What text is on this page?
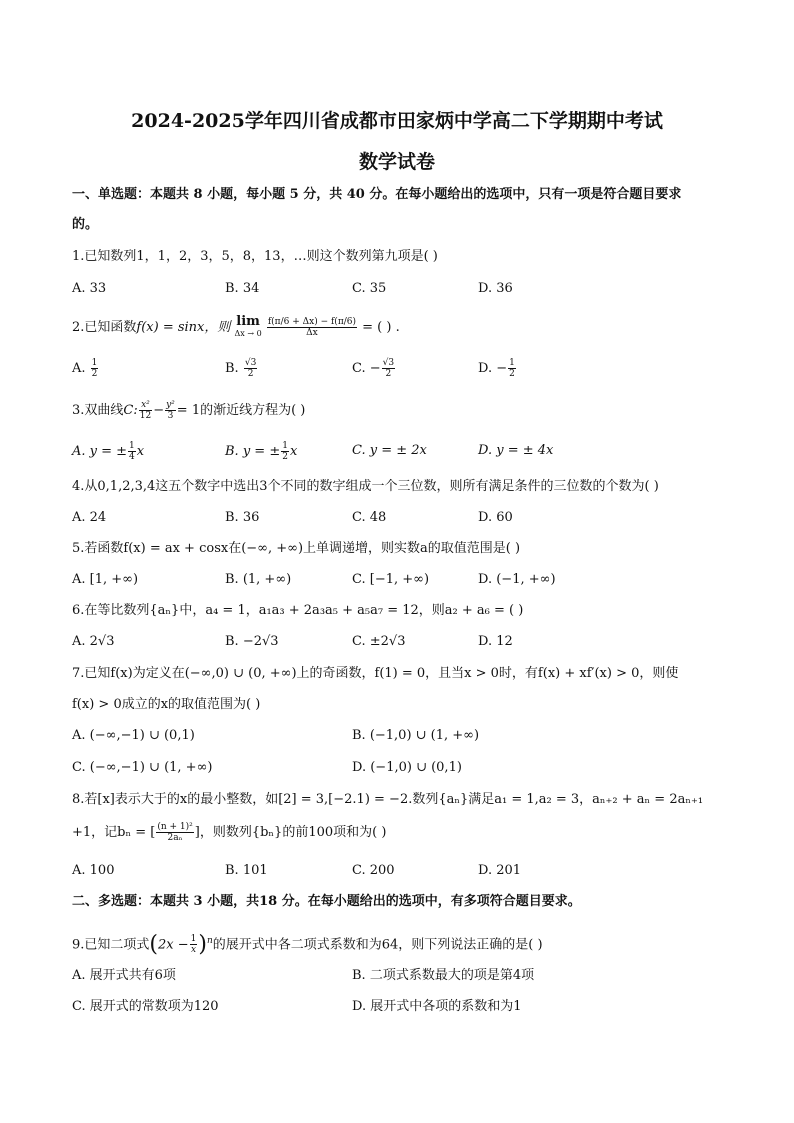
2024-2025学年四川省成都市田家炳中学高二下学期期中考试
数学试卷
一、单选题：本题共 8 小题，每小题 5 分，共 40 分。在每小题给出的选项中，只有一项是符合题目要求
的。
1.已知数列1，1，2，3，5，8，13，…则这个数列第九项是( )
A. 33	B. 34	C. 35	D. 36
2.已知函数f(x) = sinx，则 lim
Δx → 0
$\frac{f(\pi/6 + \Delta x) - f(\pi/6)}{\Delta x}$ = ( ) .
A. $\frac{1}{2}$	B. $\frac{√3}{2}$	C. − $\frac{√3}{2}$	D. − $\frac{1}{2}$
3.双曲线C: $\frac{\text{x²}}{12} - \frac{\text{y²}}{3} = 1$的渐近线方程为( )
A. y = ± $\frac{1}{4}$ x	B. y = ± $\frac{1}{2}$ x	C. y = ± 2x	D. y = ± 4x
4.从0,1,2,3,4这五个数字中选出3个不同的数字组成一个三位数，则所有满足条件的三位数的个数为( )
A. 24	B. 36	C. 48	D. 60
5.若函数f(x) = ax + cosx在(−∞, +∞)上单调递增，则实数a的取值范围是( )
A. [1, +∞)	B. (1, +∞)	C. [−1, +∞)	D. (−1, +∞)
6.在等比数列{aₙ}中，a₄ = 1，a₁a₃ + 2a₃a₅ + a₅a₇ = 12，则a₂ + a₆ = ( )
A. 2√3	B. −2√3	C. ±2√3	D. 12
7.已知f(x)为定义在(−∞,0) ∪ (0, +∞)上的奇函数，f(1) = 0，且当x > 0时，有f(x) + xf′(x) > 0，则使
f(x) > 0成立的x的取值范围为( )
A. (−∞,−1) ∪ (0,1)	B. (−1,0) ∪ (1, +∞)
C. (−∞,−1) ∪ (1, +∞)	D. (−1,0) ∪ (0,1)
8.若[x]表示大于的x的最小整数，如[2] = 3,[−2.1) = −2.数列{aₙ}满足a₁ = 1,a₂ = 3，aₙ₊₂ + aₙ = 2aₙ₊₁
+1，记bₙ = [ $\frac{\text{(n + 1)²}}{\text{2aₙ}}$ ]，则数列{bₙ}的前100项和为( )
A. 100	B. 101	C. 200	D. 201
二、多选题：本题共 3 小题，共18 分。在每小题给出的选项中，有多项符合题目要求。
9.已知二项式$(2x - \frac{1}{x} )^n$的展开式中各二项式系数和为64，则下列说法正确的是( )
A. 展开式共有6项	B. 二项式系数最大的项是第4项
C. 展开式的常数项为120	D. 展开式中各项的系数和为1
